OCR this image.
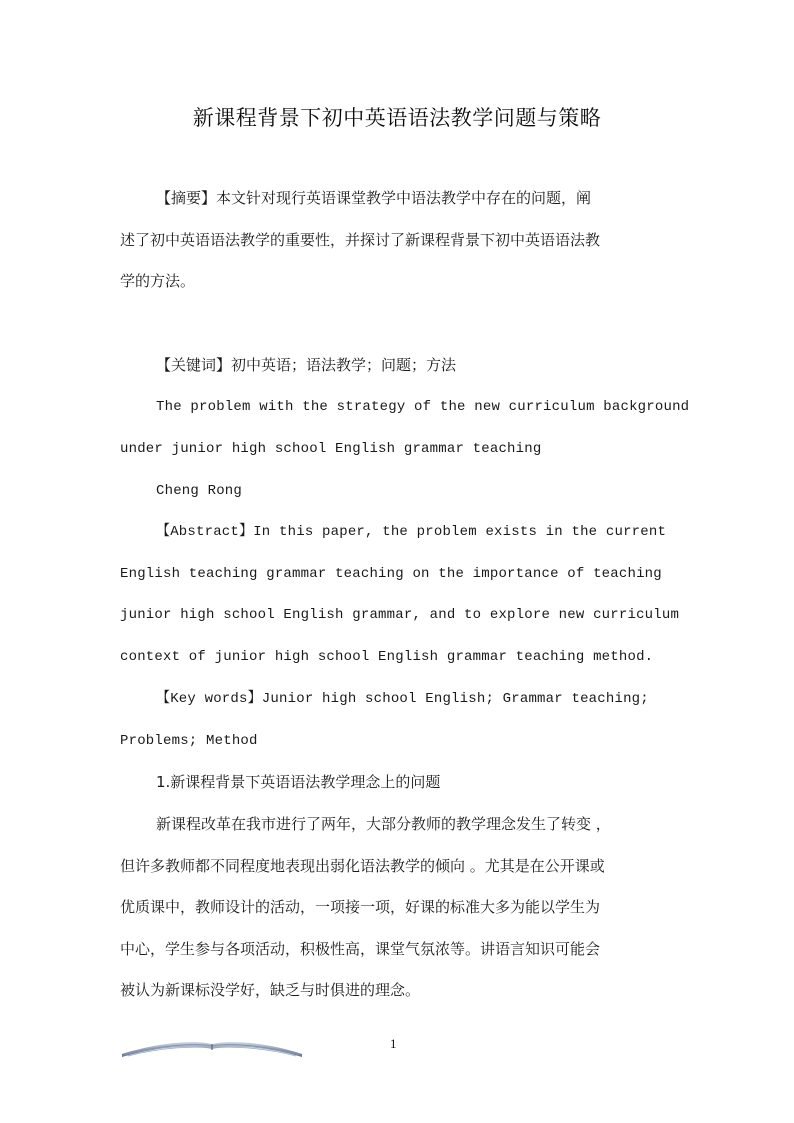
新课程背景下初中英语语法教学问题与策略
【摘要】本文针对现行英语课堂教学中语法教学中存在的问题，阐
述了初中英语语法教学的重要性，并探讨了新课程背景下初中英语语法教
学的方法。
【关键词】初中英语；语法教学；问题；方法
The problem with the strategy of the new curriculum background
under junior high school English grammar teaching
Cheng Rong
【Abstract】In this paper, the problem exists in the current
English teaching grammar teaching on the importance of teaching
junior high school English grammar, and to explore new curriculum
context of junior high school English grammar teaching method.
【Key words】Junior high school English; Grammar teaching;
Problems; Method
1.新课程背景下英语语法教学理念上的问题
新课程改革在我市进行了两年，大部分教师的教学理念发生了转变 ，
但许多教师都不同程度地表现出弱化语法教学的倾向 。尤其是在公开课或
优质课中，教师设计的活动，一项接一项，好课的标准大多为能以学生为
中心，学生参与各项活动，积极性高，课堂气氛浓等。讲语言知识可能会
被认为新课标没学好，缺乏与时俱进的理念。
1
